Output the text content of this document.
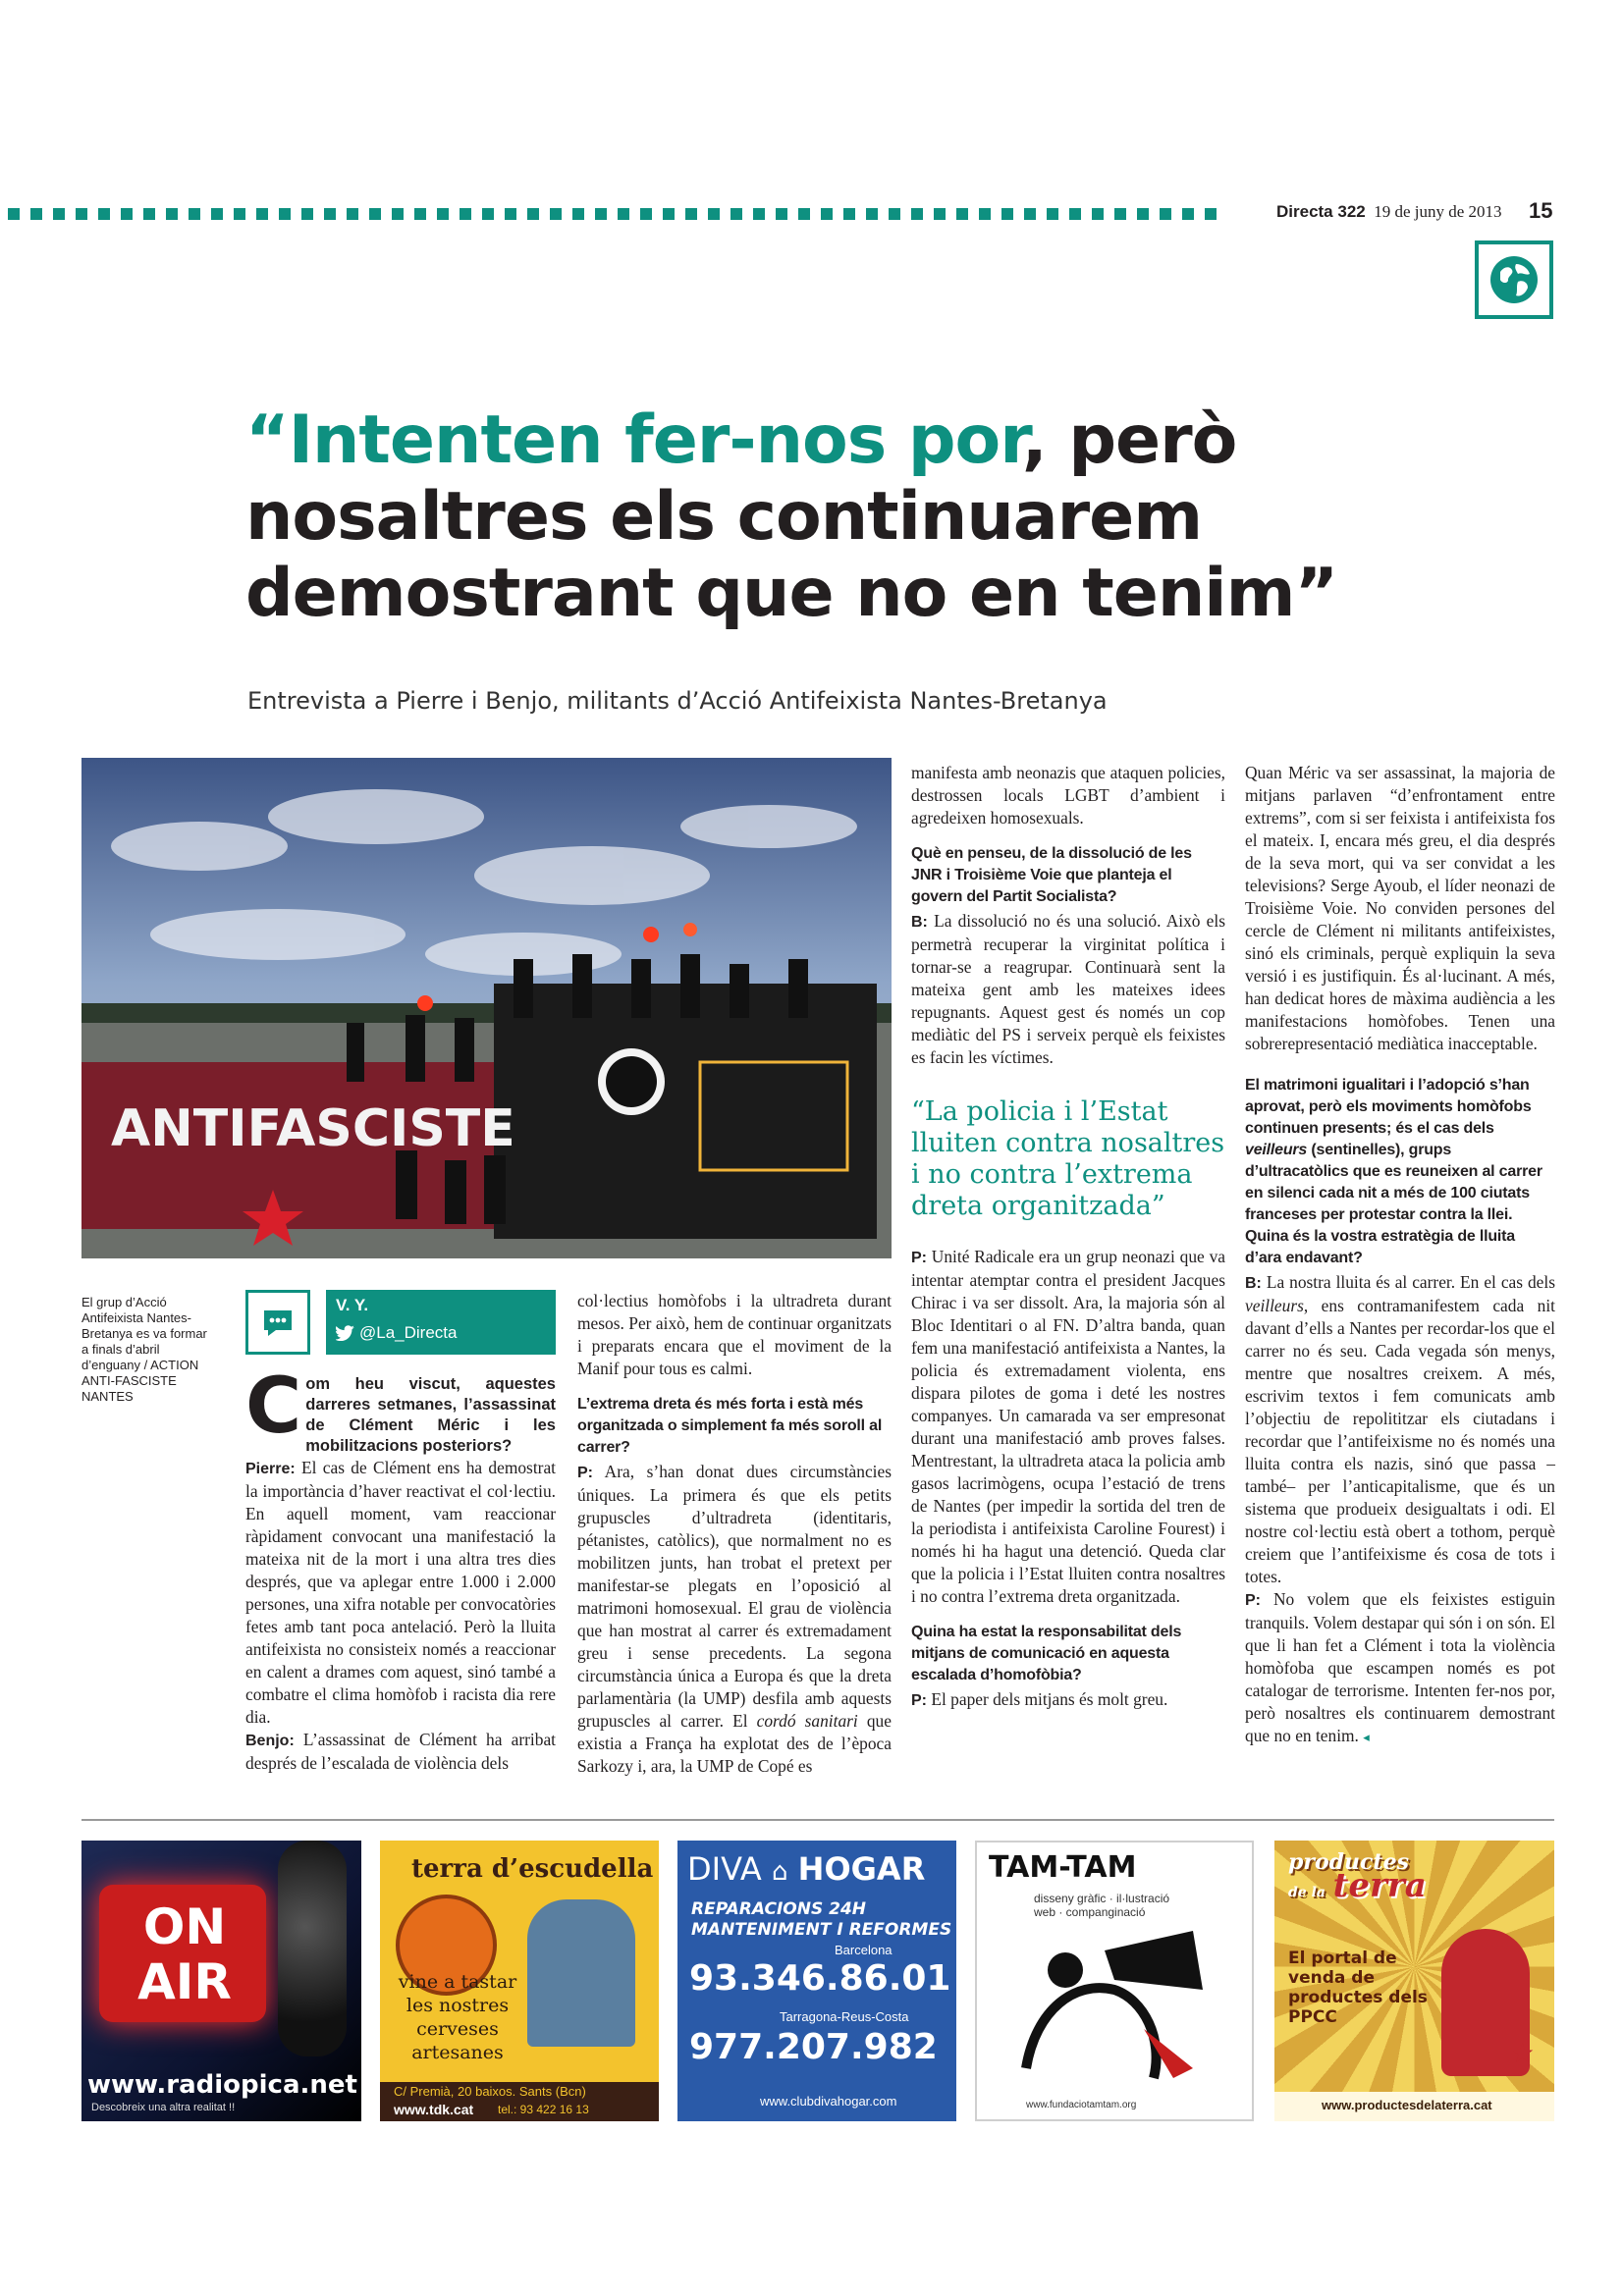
Directa 322 19 de juny de 2013 15
“Intenten fer-nos por, però
nosaltres els continuarem
demostrant que no en tenim”
Entrevista a Pierre i Benjo, militants d’Acció Antifeixista Nantes-Bretanya
ANTIFASCISTE
El grup d’Acció Antifeixista Nantes-Bretanya es va formar a finals d’abril d’enguany / ACTION ANTI-FASCISTE NANTES
V. Y.
@La_Directa

Com heu viscut, aquestes darreres setmanes, l’assassinat de Clément Méric i les mobilitzacions posteriors?

Pierre: El cas de Clément ens ha demostrat la importància d’haver reactivat el col·lectiu. En aquell moment, vam reaccionar ràpidament convocant una manifestació la mateixa nit de la mort i una altra tres dies després, que va aplegar entre 1.000 i 2.000 persones, una xifra notable per convocatòries fetes amb tant poca antelació. Però la lluita antifeixista no consisteix només a reaccionar en calent a drames com aquest, sinó també a combatre el clima homòfob i racista dia rere dia.

Benjo: L’assassinat de Clément ha arribat després de l’escalada de violència dels

col·lectius homòfobs i la ultradreta durant mesos. Per això, hem de continuar organitzats i preparats encara que el moviment de la Manif pour tous es calmi.

L’extrema dreta és més forta i està més organitzada o simplement fa més soroll al carrer?

P: Ara, s’han donat dues circumstàncies úniques. La primera és que els petits grupuscles d’ultradreta (identitaris, pétanistes, catòlics), que normalment no es mobilitzen junts, han trobat el pretext per manifestar-se plegats en l’oposició al matrimoni homosexual. El grau de violència que han mostrat al carrer és extremadament greu i sense precedents. La segona circumstància única a Europa és que la dreta parlamentària (la UMP) desfila amb aquests grupuscles al carrer. El cordó sanitari que existia a França ha explotat des de l’època Sarkozy i, ara, la UMP de Copé es

manifesta amb neonazis que ataquen policies, destrossen locals LGBT d’ambient i agredeixen homosexuals.

Què en penseu, de la dissolució de les JNR i Troisième Voie que planteja el govern del Partit Socialista?

B: La dissolució no és una solució. Això els permetrà recuperar la virginitat política i tornar-se a reagrupar. Continuarà sent la mateixa gent amb les mateixes idees repugnants. Aquest gest és només un cop mediàtic del PS i serveix perquè els feixistes es facin les víctimes.

“La policia i l’Estat lluiten contra nosaltres i no contra l’extrema dreta organitzada”

P: Unité Radicale era un grup neonazi que va intentar atemptar contra el president Jacques Chirac i va ser dissolt. Ara, la majoria són al Bloc Identitari o al FN. D’altra banda, quan fem una manifestació antifeixista a Nantes, la policia és extremadament violenta, ens dispara pilotes de goma i deté les nostres companyes. Un camarada va ser empresonat durant una manifestació amb proves falses. Mentrestant, la ultradreta ataca la policia amb gasos lacrimògens, ocupa l’estació de trens de Nantes (per impedir la sortida del tren de la periodista i antifeixista Caroline Fourest) i només hi ha hagut una detenció. Queda clar que la policia i l’Estat lluiten contra nosaltres i no contra l’extrema dreta organitzada.

Quina ha estat la responsabilitat dels mitjans de comunicació en aquesta escalada d’homofòbia?

P: El paper dels mitjans és molt greu.

Quan Méric va ser assassinat, la majoria de mitjans parlaven “d’enfrontament entre extrems”, com si ser feixista i antifeixista fos el mateix. I, encara més greu, el dia després de la seva mort, qui va ser convidat a les televisions? Serge Ayoub, el líder neonazi de Troisième Voie. No conviden persones del cercle de Clément ni militants antifeixistes, sinó els criminals, perquè expliquin la seva versió i es justifiquin. És al·lucinant. A més, han dedicat hores de màxima audiència a les manifestacions homòfobes. Tenen una sobrerepresentació mediàtica inacceptable.

El matrimoni igualitari i l’adopció s’han aprovat, però els moviments homòfobs continuen presents; és el cas dels veilleurs (sentinelles), grups d’ultracatòlics que es reuneixen al carrer en silenci cada nit a més de 100 ciutats franceses per protestar contra la llei. Quina és la vostra estratègia de lluita d’ara endavant?

B: La nostra lluita és al carrer. En el cas dels veilleurs, ens contramanifestem cada nit davant d’ells a Nantes per recordar-los que el carrer no és seu. Cada vegada són menys, mentre que nosaltres creixem. A més, escrivim textos i fem comunicats amb l’objectiu de repolititzar els ciutadans i recordar que l’antifeixisme no és només una lluita contra els nazis, sinó que passa –també– per l’anticapitalisme, que és un sistema que produeix desigualtats i odi. El nostre col·lectiu està obert a tothom, perquè creiem que l’antifeixisme és cosa de tots i totes.

P: No volem que els feixistes estiguin tranquils. Volem destapar qui són i on són. El que li han fet a Clément i tota la violència homòfoba que escampen només es pot catalogar de terrorisme. Intenten fer-nos por, però nosaltres els continuarem demostrant que no en tenim. ◂

ON
AIR
www.radiopica.net
Descobreix una altra realitat !!
terra d’escudella
vine a tastar les nostres cerveses artesanes
C/ Premià, 20 baixos. Sants (Bcn)
www.tdk.cat tel.: 93 422 16 13
DIVA ⌂ HOGAR
REPARACIONS 24H
MANTENIMENT I REFORMES
Barcelona
93.346.86.01
Tarragona-Reus-Costa
977.207.982
www.clubdivahogar.com
TAM-TAM
disseny gràfic · il·lustració
web · companginació
www.fundaciotamtam.org
productes
de la terra
El portal de venda de productes dels PPCC
★
www.productesdelaterra.cat
